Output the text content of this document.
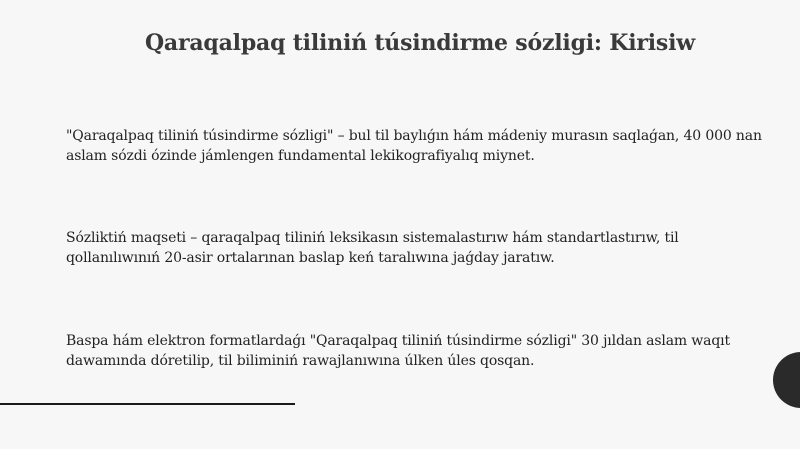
Qaraqalpaq tiliniń túsindirme sózligi: Kirisiw

"Qaraqalpaq tiliniń túsindirme sózligi" – bul til baylıǵın hám mádeniy murasın saqlaǵan, 40 000 nan aslam sózdi ózinde jámlengen fundamental lekikografiyalıq miynet.

Sózliktiń maqseti – qaraqalpaq tiliniń leksikasın sistemalastırıw hám standartlastırıw, til qollanılıwınıń 20-asir ortalarınan baslap keń taralıwına jaǵday jaratıw.

Baspa hám elektron formatlardaǵı "Qaraqalpaq tiliniń túsindirme sózligi" 30 jıldan aslam waqıt dawamında dóretilip, til biliminiń rawajlanıwına úlken úles qosqan.
